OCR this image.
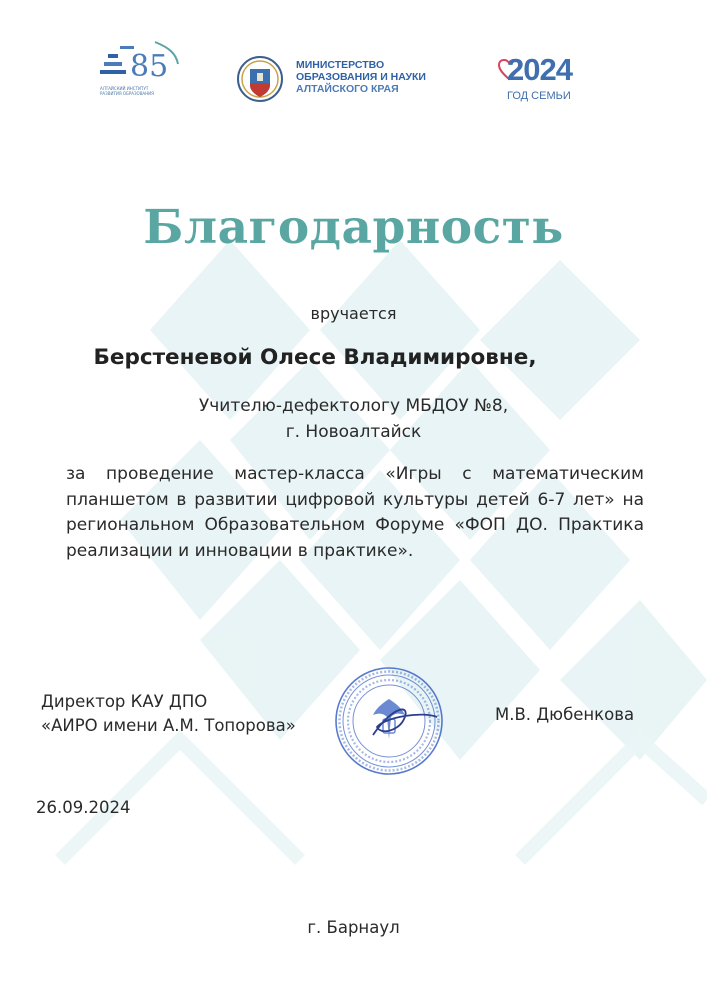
85
АЛТАЙСКИЙ ИНСТИТУТ РАЗВИТИЯ ОБРАЗОВАНИЯ
МИНИСТЕРСТВО
ОБРАЗОВАНИЯ И НАУКИ
АЛТАЙСКОГО КРАЯ
2024
ГОД СЕМЬИ
Благодарность
вручается
Берстеневой Олесе Владимировне,
Учителю-дефектологу МБДОУ №8,
г. Новоалтайск
за проведение мастер-класса «Игры с математическим
планшетом в развитии цифровой культуры детей 6-7 лет» на
региональном Образовательном Форуме «ФОП ДО. Практика
реализации и инновации в практике».
Директор КАУ ДПО
«АИРО имени А.М. Топорова»
М.В. Дюбенкова
26.09.2024
г. Барнаул
